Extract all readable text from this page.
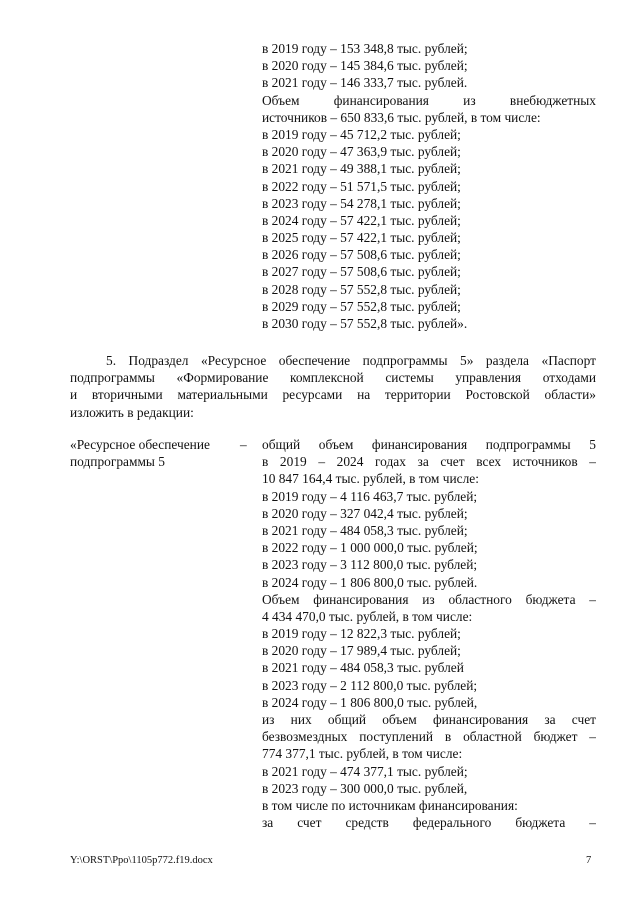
в 2019 году – 153 348,8 тыс. рублей;
в 2020 году – 145 384,6 тыс. рублей;
в 2021 году – 146 333,7 тыс. рублей.
Объем финансирования из внебюджетных
источников – 650 833,6 тыс. рублей, в том числе:
в 2019 году – 45 712,2 тыс. рублей;
в 2020 году – 47 363,9 тыс. рублей;
в 2021 году – 49 388,1 тыс. рублей;
в 2022 году – 51 571,5 тыс. рублей;
в 2023 году – 54 278,1 тыс. рублей;
в 2024 году – 57 422,1 тыс. рублей;
в 2025 году – 57 422,1 тыс. рублей;
в 2026 году – 57 508,6 тыс. рублей;
в 2027 году – 57 508,6 тыс. рублей;
в 2028 году – 57 552,8 тыс. рублей;
в 2029 году – 57 552,8 тыс. рублей;
в 2030 году – 57 552,8 тыс. рублей».
5. Подраздел «Ресурсное обеспечение подпрограммы 5» раздела «Паспорт
подпрограммы «Формирование комплексной системы управления отходами
и вторичными материальными ресурсами на территории Ростовской области»
изложить в редакции:
«Ресурсное обеспечение
подпрограммы 5
– общий объем финансирования подпрограммы 5
в 2019 – 2024 годах за счет всех источников –
10 847 164,4 тыс. рублей, в том числе:
в 2019 году – 4 116 463,7 тыс. рублей;
в 2020 году – 327 042,4 тыс. рублей;
в 2021 году – 484 058,3 тыс. рублей;
в 2022 году – 1 000 000,0 тыс. рублей;
в 2023 году – 3 112 800,0 тыс. рублей;
в 2024 году – 1 806 800,0 тыс. рублей.
Объем финансирования из областного бюджета –
4 434 470,0 тыс. рублей, в том числе:
в 2019 году – 12 822,3 тыс. рублей;
в 2020 году – 17 989,4 тыс. рублей;
в 2021 году – 484 058,3 тыс. рублей
в 2023 году – 2 112 800,0 тыс. рублей;
в 2024 году – 1 806 800,0 тыс. рублей,
из них общий объем финансирования за счет
безвозмездных поступлений в областной бюджет –
774 377,1 тыс. рублей, в том числе:
в 2021 году – 474 377,1 тыс. рублей;
в 2023 году – 300 000,0 тыс. рублей,
в том числе по источникам финансирования:
за счет средств федерального бюджета –
Y:\ORST\Ppo\1105p772.f19.docx	7
